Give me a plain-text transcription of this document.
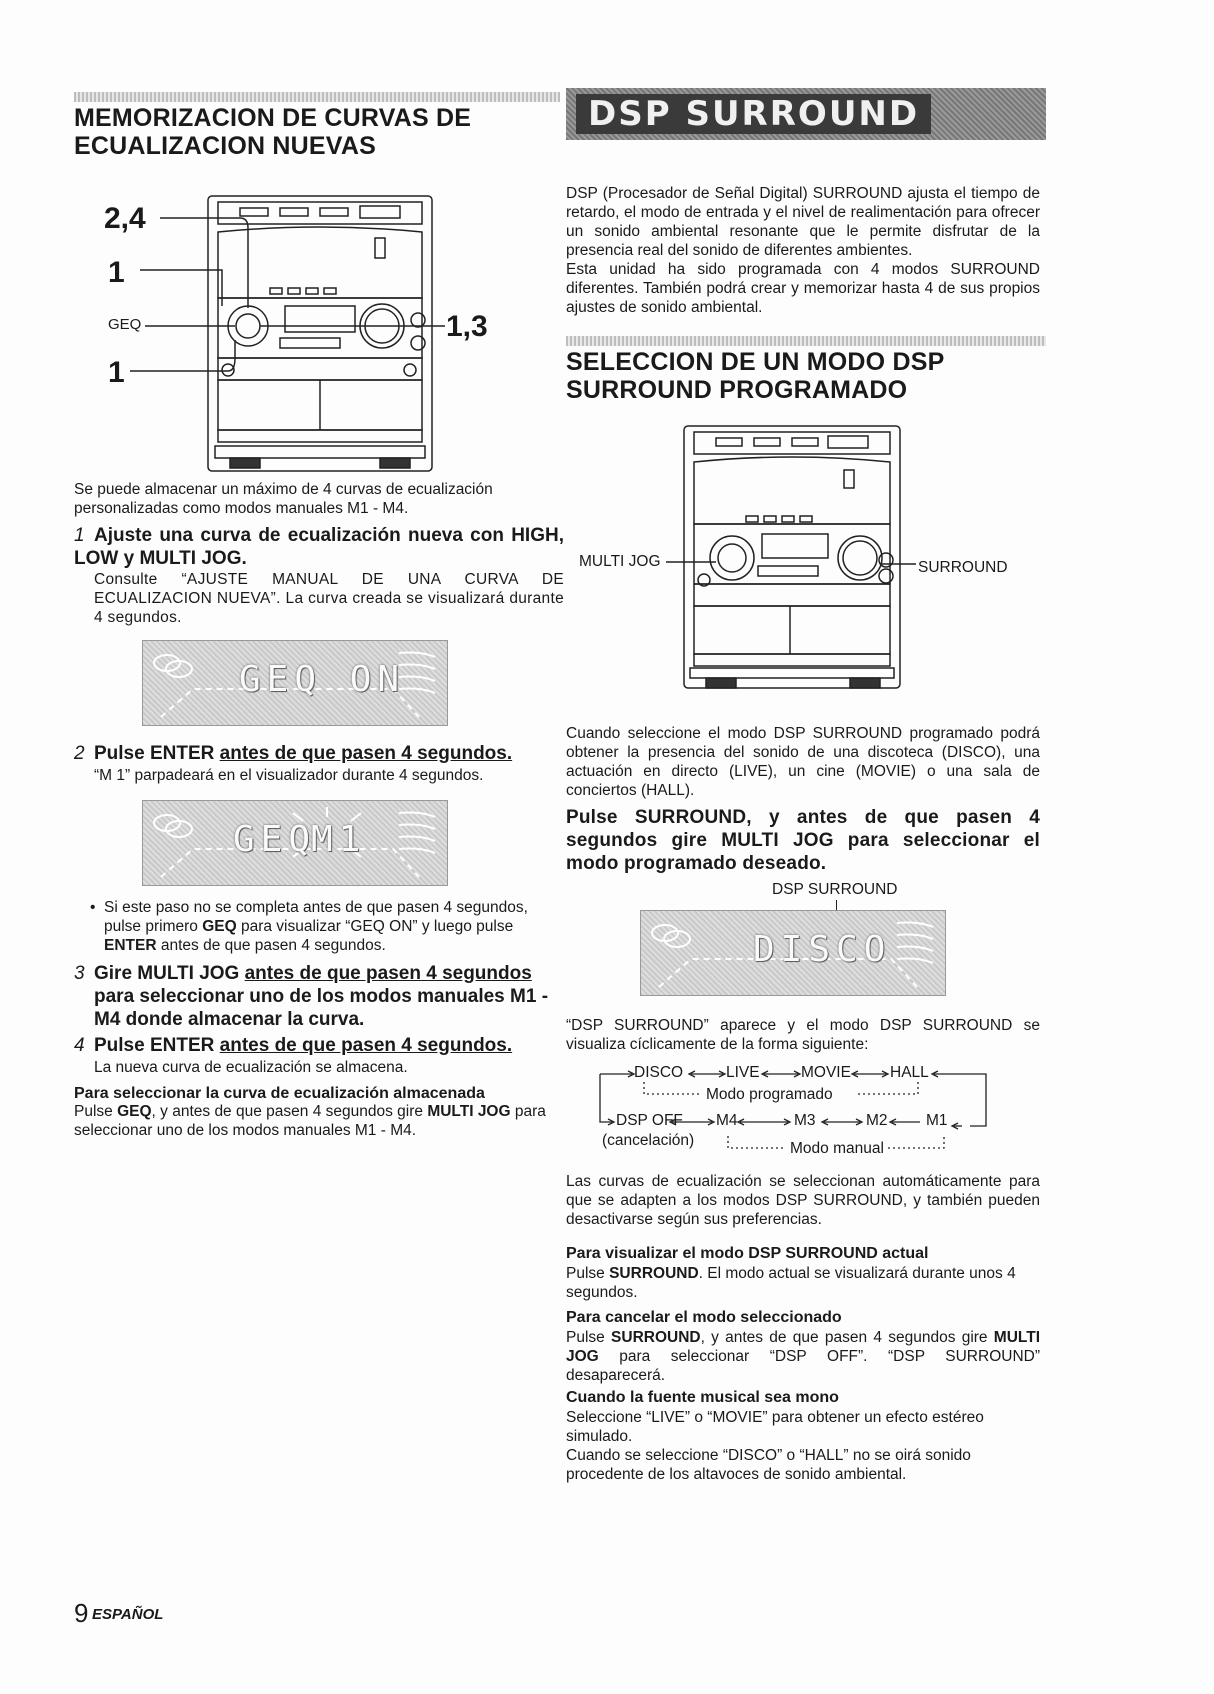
MEMORIZACION DE CURVAS DE
ECUALIZACION NUEVAS
2,4
1
GEQ	1,3
1
Se puede almacenar un máximo de 4 curvas de ecualización personalizadas como modos manuales M1 - M4.
1 Ajuste una curva de ecualización nueva con HIGH, LOW y MULTI JOG.
Consulte “AJUSTE MANUAL DE UNA CURVA DE ECUALIZACION NUEVA”. La curva creada se visualizará durante 4 segundos.
GEQ ON
2 Pulse ENTER antes de que pasen 4 segundos.
“M 1” parpadeará en el visualizador durante 4 segundos.
GEQ
M1
• Si este paso no se completa antes de que pasen 4 segundos, pulse primero GEQ para visualizar “GEQ ON” y luego pulse ENTER antes de que pasen 4 segundos.
3 Gire MULTI JOG antes de que pasen 4 segundos
para seleccionar uno de los modos manuales M1 - M4 donde almacenar la curva.
4 Pulse ENTER antes de que pasen 4 segundos.
La nueva curva de ecualización se almacena.
Para seleccionar la curva de ecualización almacenada
Pulse GEQ, y antes de que pasen 4 segundos gire MULTI JOG para seleccionar uno de los modos manuales M1 - M4.
DSP SURROUND
DSP (Procesador de Señal Digital) SURROUND ajusta el tiempo de retardo, el modo de entrada y el nivel de realimentación para ofrecer un sonido ambiental resonante que le permite disfrutar de la presencia real del sonido de diferentes ambientes.
Esta unidad ha sido programada con 4 modos SURROUND diferentes. También podrá crear y memorizar hasta 4 de sus propios ajustes de sonido ambiental.
SELECCION DE UN MODO DSP
SURROUND PROGRAMADO
MULTI JOG	SURROUND
Cuando seleccione el modo DSP SURROUND programado podrá obtener la presencia del sonido de una discoteca (DISCO), una actuación en directo (LIVE), un cine (MOVIE) o una sala de conciertos (HALL).
Pulse SURROUND, y antes de que pasen 4 segundos gire MULTI JOG para seleccionar el modo programado deseado.
DSP SURROUND
DISCO
“DSP SURROUND” aparece y el modo DSP SURROUND se visualiza cíclicamente de la forma siguiente:
DISCO	LIVE	MOVIE	HALL
Modo programado
DSP OFF M4	M3	M2 M1
(cancelación)	Modo manual
Las curvas de ecualización se seleccionan automáticamente para que se adapten a los modos DSP SURROUND, y también pueden desactivarse según sus preferencias.
Para visualizar el modo DSP SURROUND actual
Pulse SURROUND. El modo actual se visualizará durante unos 4 segundos.
Para cancelar el modo seleccionado
Pulse SURROUND, y antes de que pasen 4 segundos gire MULTI JOG para seleccionar “DSP OFF”. “DSP SURROUND” desaparecerá.
Cuando la fuente musical sea mono
Seleccione “LIVE” o “MOVIE” para obtener un efecto estéreo simulado.
Cuando se seleccione “DISCO” o “HALL” no se oirá sonido procedente de los altavoces de sonido ambiental.
9 ESPAÑOL
